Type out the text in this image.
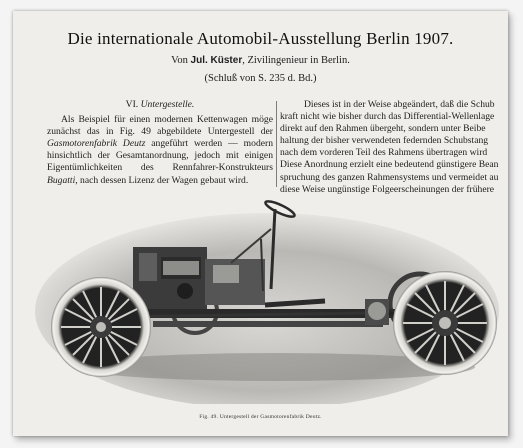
Die internationale Automobil-Ausstellung Berlin 1907.
Von Jul. Küster, Zivilingenieur in Berlin.
(Schluß von S. 235 d. Bd.)
VI. Untergestelle.

Als Beispiel für einen modernen Kettenwagen möge zunächst das in Fig. 49 abgebildete Untergestell der Gasmotorenfabrik Deutz angeführt werden — modern hinsichtlich der Gesamtanordnung, jedoch mit einigen Eigentümlichkeiten des Rennfahrer-Konstrukteurs Bugatti, nach dessen Lizenz der Wagen gebaut wird.

Dieses ist in der Weise abgeändert, daß die Schub
kraft nicht wie bisher durch das Differential-Wellenlage
direkt auf den Rahmen übergeht, sondern unter Beibe
haltung der bisher verwendeten federnden Schubstang
nach dem vorderen Teil des Rahmens übertragen wird
Diese Anordnung erzielt eine bedeutend günstigere Bean
spruchung des ganzen Rahmensystems und vermeidet au
diese Weise ungünstige Folgeerscheinungen der frühere
Fig. 49. Untergestell der Gasmotorenfabrik Deutz.
